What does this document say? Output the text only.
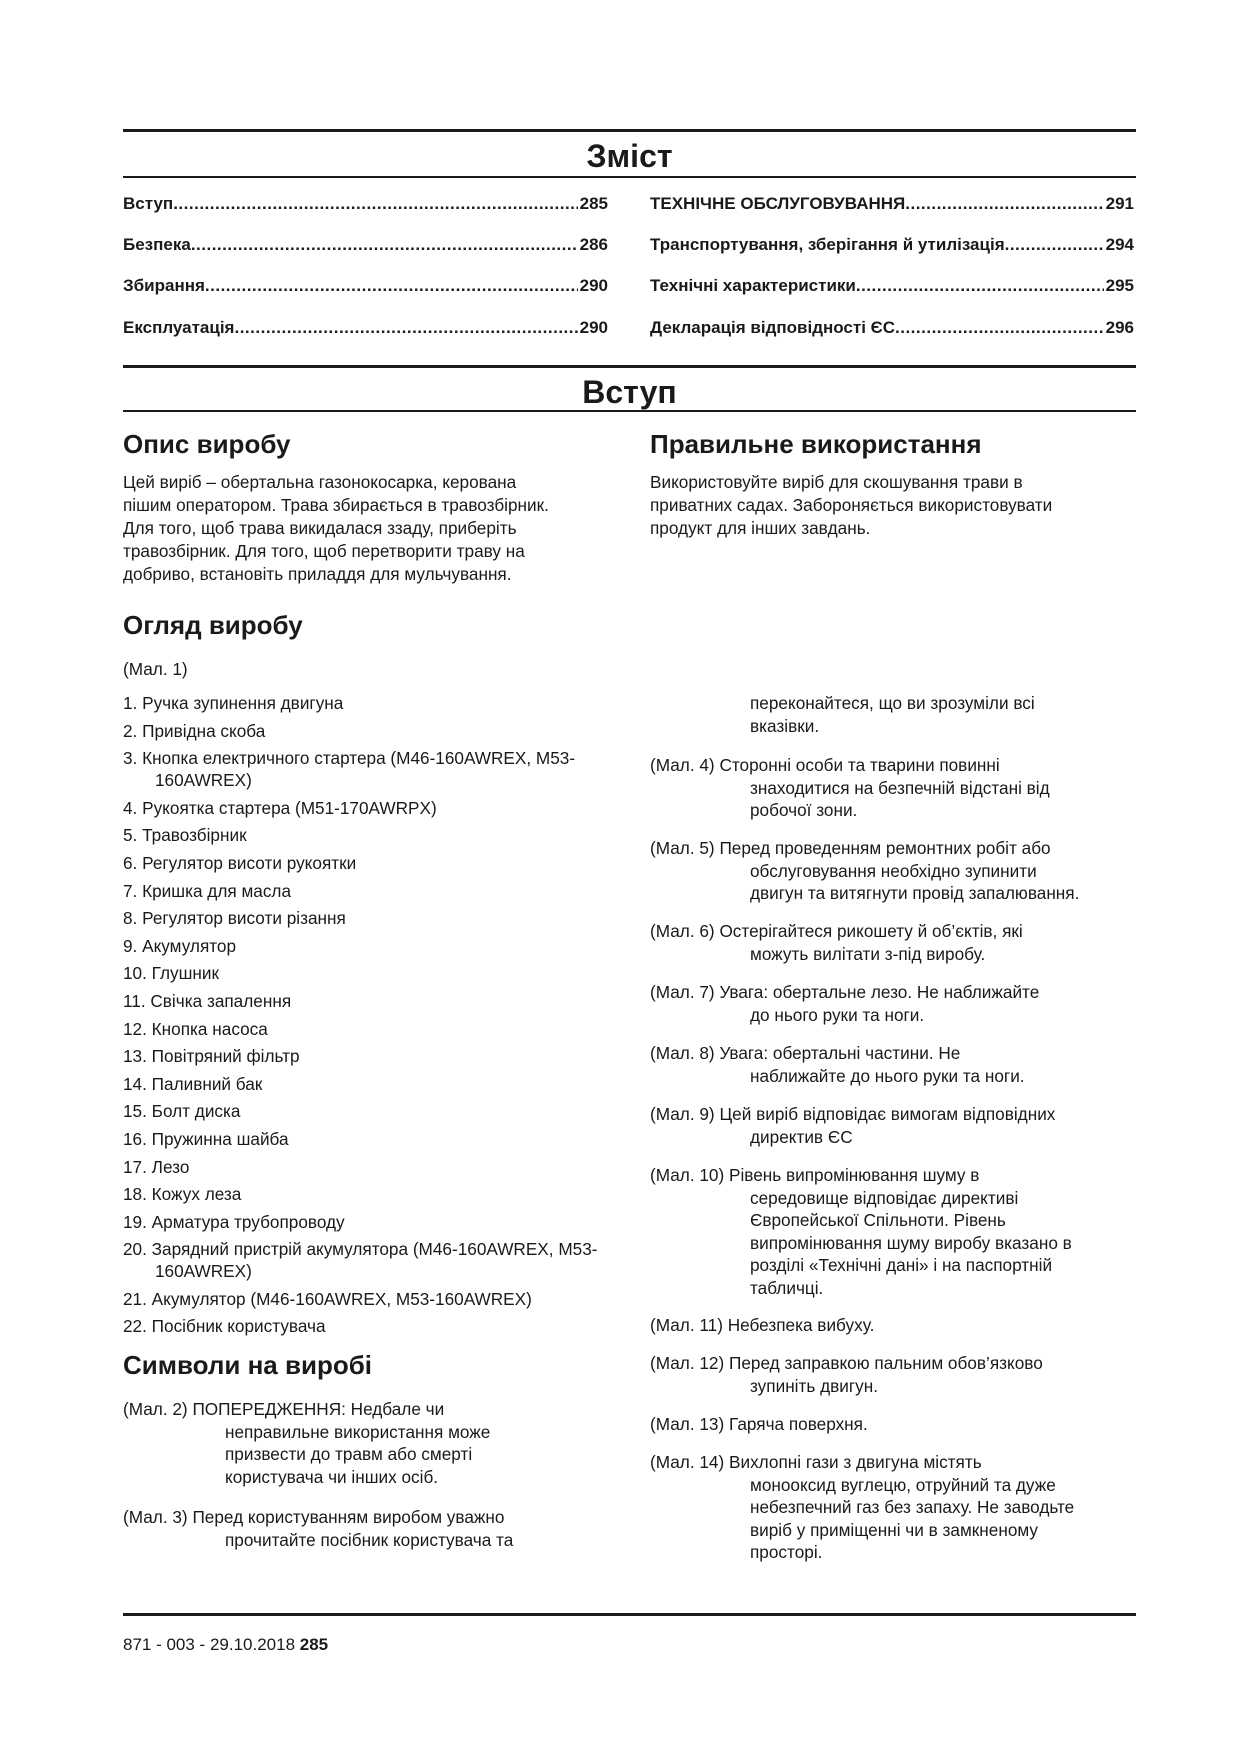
Зміст
Вступ .....	285
Безпека .....	286
Збирання .....	290
Експлуатація .....	290
ТЕХНІЧНЕ ОБСЛУГОВУВАННЯ .....	291
Транспортування, зберігання й утилізація .....	294
Технічні характеристики .....	295
Декларація відповідності ЄС .....	296
Вступ
Опис виробу
Цей виріб – обертальна газонокосарка, керована
пішим оператором. Трава збирається в травозбірник.
Для того, щоб трава викидалася ззаду, приберіть
травозбірник. Для того, щоб перетворити траву на
добриво, встановіть приладдя для мульчування.
Огляд виробу
(Мал. 1)
1. Ручка зупинення двигуна
2. Привідна скоба
3. Кнопка електричного стартера (M46-160AWREX, M53-160AWREX)
4. Рукоятка стартера (M51-170AWRPX)
5. Травозбірник
6. Регулятор висоти рукоятки
7. Кришка для масла
8. Регулятор висоти різання
9. Акумулятор
10. Глушник
11. Свічка запалення
12. Кнопка насоса
13. Повітряний фільтр
14. Паливний бак
15. Болт диска
16. Пружинна шайба
17. Лезо
18. Кожух леза
19. Арматура трубопроводу
20. Зарядний пристрій акумулятора (M46-160AWREX, M53-160AWREX)
21. Акумулятор (M46-160AWREX, M53-160AWREX)
22. Посібник користувача
Символи на виробі
(Мал. 2) ПОПЕРЕДЖЕННЯ: Недбале чи
неправильне використання може
призвести до травм або смерті
користувача чи інших осіб.
(Мал. 3) Перед користуванням виробом уважно
прочитайте посібник користувача та
Правильне використання
Використовуйте виріб для скошування трави в
приватних садах. Забороняється використовувати
продукт для інших завдань.
переконайтеся, що ви зрозуміли всі
вказівки.
(Мал. 4) Сторонні особи та тварини повинні
знаходитися на безпечній відстані від
робочої зони.
(Мал. 5) Перед проведенням ремонтних робіт або
обслуговування необхідно зупинити
двигун та витягнути провід запалювання.
(Мал. 6) Остерігайтеся рикошету й об’єктів, які
можуть вилітати з-під виробу.
(Мал. 7) Увага: обертальне лезо. Не наближайте
до нього руки та ноги.
(Мал. 8) Увага: обертальні частини. Не
наближайте до нього руки та ноги.
(Мал. 9) Цей виріб відповідає вимогам відповідних
директив ЄС
(Мал. 10) Рівень випромінювання шуму в
середовище відповідає директиві
Європейської Спільноти. Рівень
випромінювання шуму виробу вказано в
розділі «Технічні дані» і на паспортній
табличці.
(Мал. 11) Небезпека вибуху.
(Мал. 12) Перед заправкою пальним обов’язково
зупиніть двигун.
(Мал. 13) Гаряча поверхня.
(Мал. 14) Вихлопні гази з двигуна містять
монооксид вуглецю, отруйний та дуже
небезпечний газ без запаху. Не заводьте
виріб у приміщенні чи в замкненому
просторі.
871 - 003 - 29.10.2018 285
